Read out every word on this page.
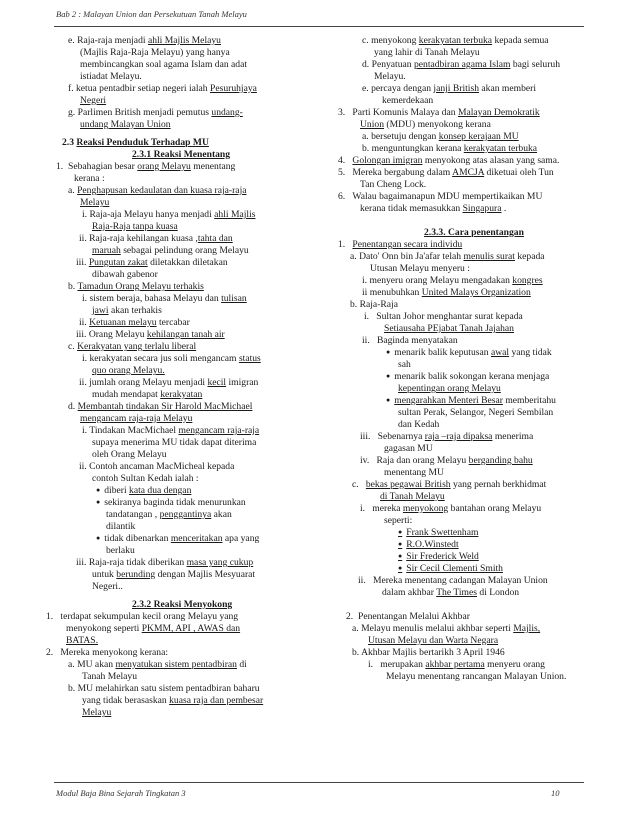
Bab 2 : Malayan Union dan Persekutuan Tanah Melayu
e. Raja-raja menjadi ahli Majlis Melayu
(Majlis Raja-Raja Melayu) yang hanya
membincangkan soal agama Islam dan adat
istiadat Melayu.
f. ketua pentadbir setiap negeri ialah Pesuruhjaya
Negeri
g. Parlimen British menjadi pemutus undang-
undang Malayan Union
2.3 Reaksi Penduduk Terhadap MU
2.3.1 Reaksi Menentang
1. Sebahagian besar orang Melayu menentang
kerana :
a. Penghapusan kedaulatan dan kuasa raja-raja
Melayu
i. Raja-aja Melayu hanya menjadi ahli Majlis
Raja-Raja tanpa kuasa
ii. Raja-raja kehilangan kuasa ,tahta dan
maruah sebagai pelindung orang Melayu
iii. Pungutan zakat diletakkan diletakan
dibawah gabenor
b. Tamadun Orang Melayu terhakis
i. sistem beraja, bahasa Melayu dan tulisan
jawi akan terhakis
ii. Ketuanan melayu tercabar
iii. Orang Melayu kehilangan tanah air
c. Kerakyatan yang terlalu liberal
i. kerakyatan secara jus soli mengancam status
quo orang Melayu.
ii. jumlah orang Melayu menjadi kecil imigran
mudah mendapat kerakyatan
d. Membantah tindakan Sir Harold MacMichael
mengancam raja-raja Melayu
i. Tindakan MacMichael mengancam raja-raja
supaya menerima MU tidak dapat diterima
oleh Orang Melayu
ii. Contoh ancaman MacMicheal kepada
contoh Sultan Kedah ialah :
● diberi kata dua dengan
● sekiranya baginda tidak menurunkan
tandatangan , penggantinya akan
dilantik
● tidak dibenarkan menceritakan apa yang
berlaku
iii. Raja-raja tidak diberikan masa yang cukup
untuk berunding dengan Majlis Mesyuarat
Negeri..
2.3.2 Reaksi Menyokong
1. terdapat sekumpulan kecil orang Melayu yang
menyokong seperti PKMM, API , AWAS dan
BATAS.
2. Mereka menyokong kerana:
a. MU akan menyatukan sistem pentadbiran di
Tanah Melayu
b. MU melahirkan satu sistem pentadbiran baharu
yang tidak berasaskan kuasa raja dan pembesar
Melayu
c. menyokong kerakyatan terbuka kepada semua
yang lahir di Tanah Melayu
d. Penyatuan pentadbiran agama Islam bagi seluruh
Melayu.
e. percaya dengan janji British akan memberi
kemerdekaan
3. Parti Komunis Malaya dan Malayan Demokratik
Union (MDU) menyokong kerana
a. bersetuju dengan konsep kerajaan MU
b. menguntungkan kerana kerakyatan terbuka
4. Golongan imigran menyokong atas alasan yang sama.
5. Mereka bergabung dalam AMCJA diketuai oleh Tun
Tan Cheng Lock.
6. Walau bagaimanapun MDU mempertikaikan MU
kerana tidak memasukkan Singapura .
2.3.3. Cara penentangan
1. Penentangan secara individu
a. Dato' Onn bin Ja'afar telah menulis surat kepada
Utusan Melayu menyeru :
i. menyeru orang Melayu mengadakan kongres
ii menubuhkan United Malays Organization
b. Raja-Raja
i. Sultan Johor menghantar surat kepada
Setiausaha PEjabat Tanah Jajahan
ii. Baginda menyatakan
● menarik balik keputusan awal yang tidak
sah
● menarik balik sokongan kerana menjaga
kepentingan orang Melayu
● mengarahkan Menteri Besar memberitahu
sultan Perak, Selangor, Negeri Sembilan
dan Kedah
iii. Sebenarnya raja –raja dipaksa menerima
gagasan MU
iv. Raja dan orang Melayu berganding bahu
menentang MU
c. bekas pegawai British yang pernah berkhidmat
di Tanah Melayu
i. mereka menyokong bantahan orang Melayu
seperti:
● Frank Swettenham
● R.O.Winstedt
● Sir Frederick Weld
● Sir Cecil Clementi Smith
ii. Mereka menentang cadangan Malayan Union
dalam akhbar The Times di London
2. Penentangan Melalui Akhbar
a. Melayu menulis melalui akhbar seperti Majlis,
Utusan Melayu dan Warta Negara
b. Akhbar Majlis bertarikh 3 April 1946
i. merupakan akhbar pertama menyeru orang
Melayu menentang rancangan Malayan Union.
Modul Baja Bina Sejarah Tingkatan 3	10
